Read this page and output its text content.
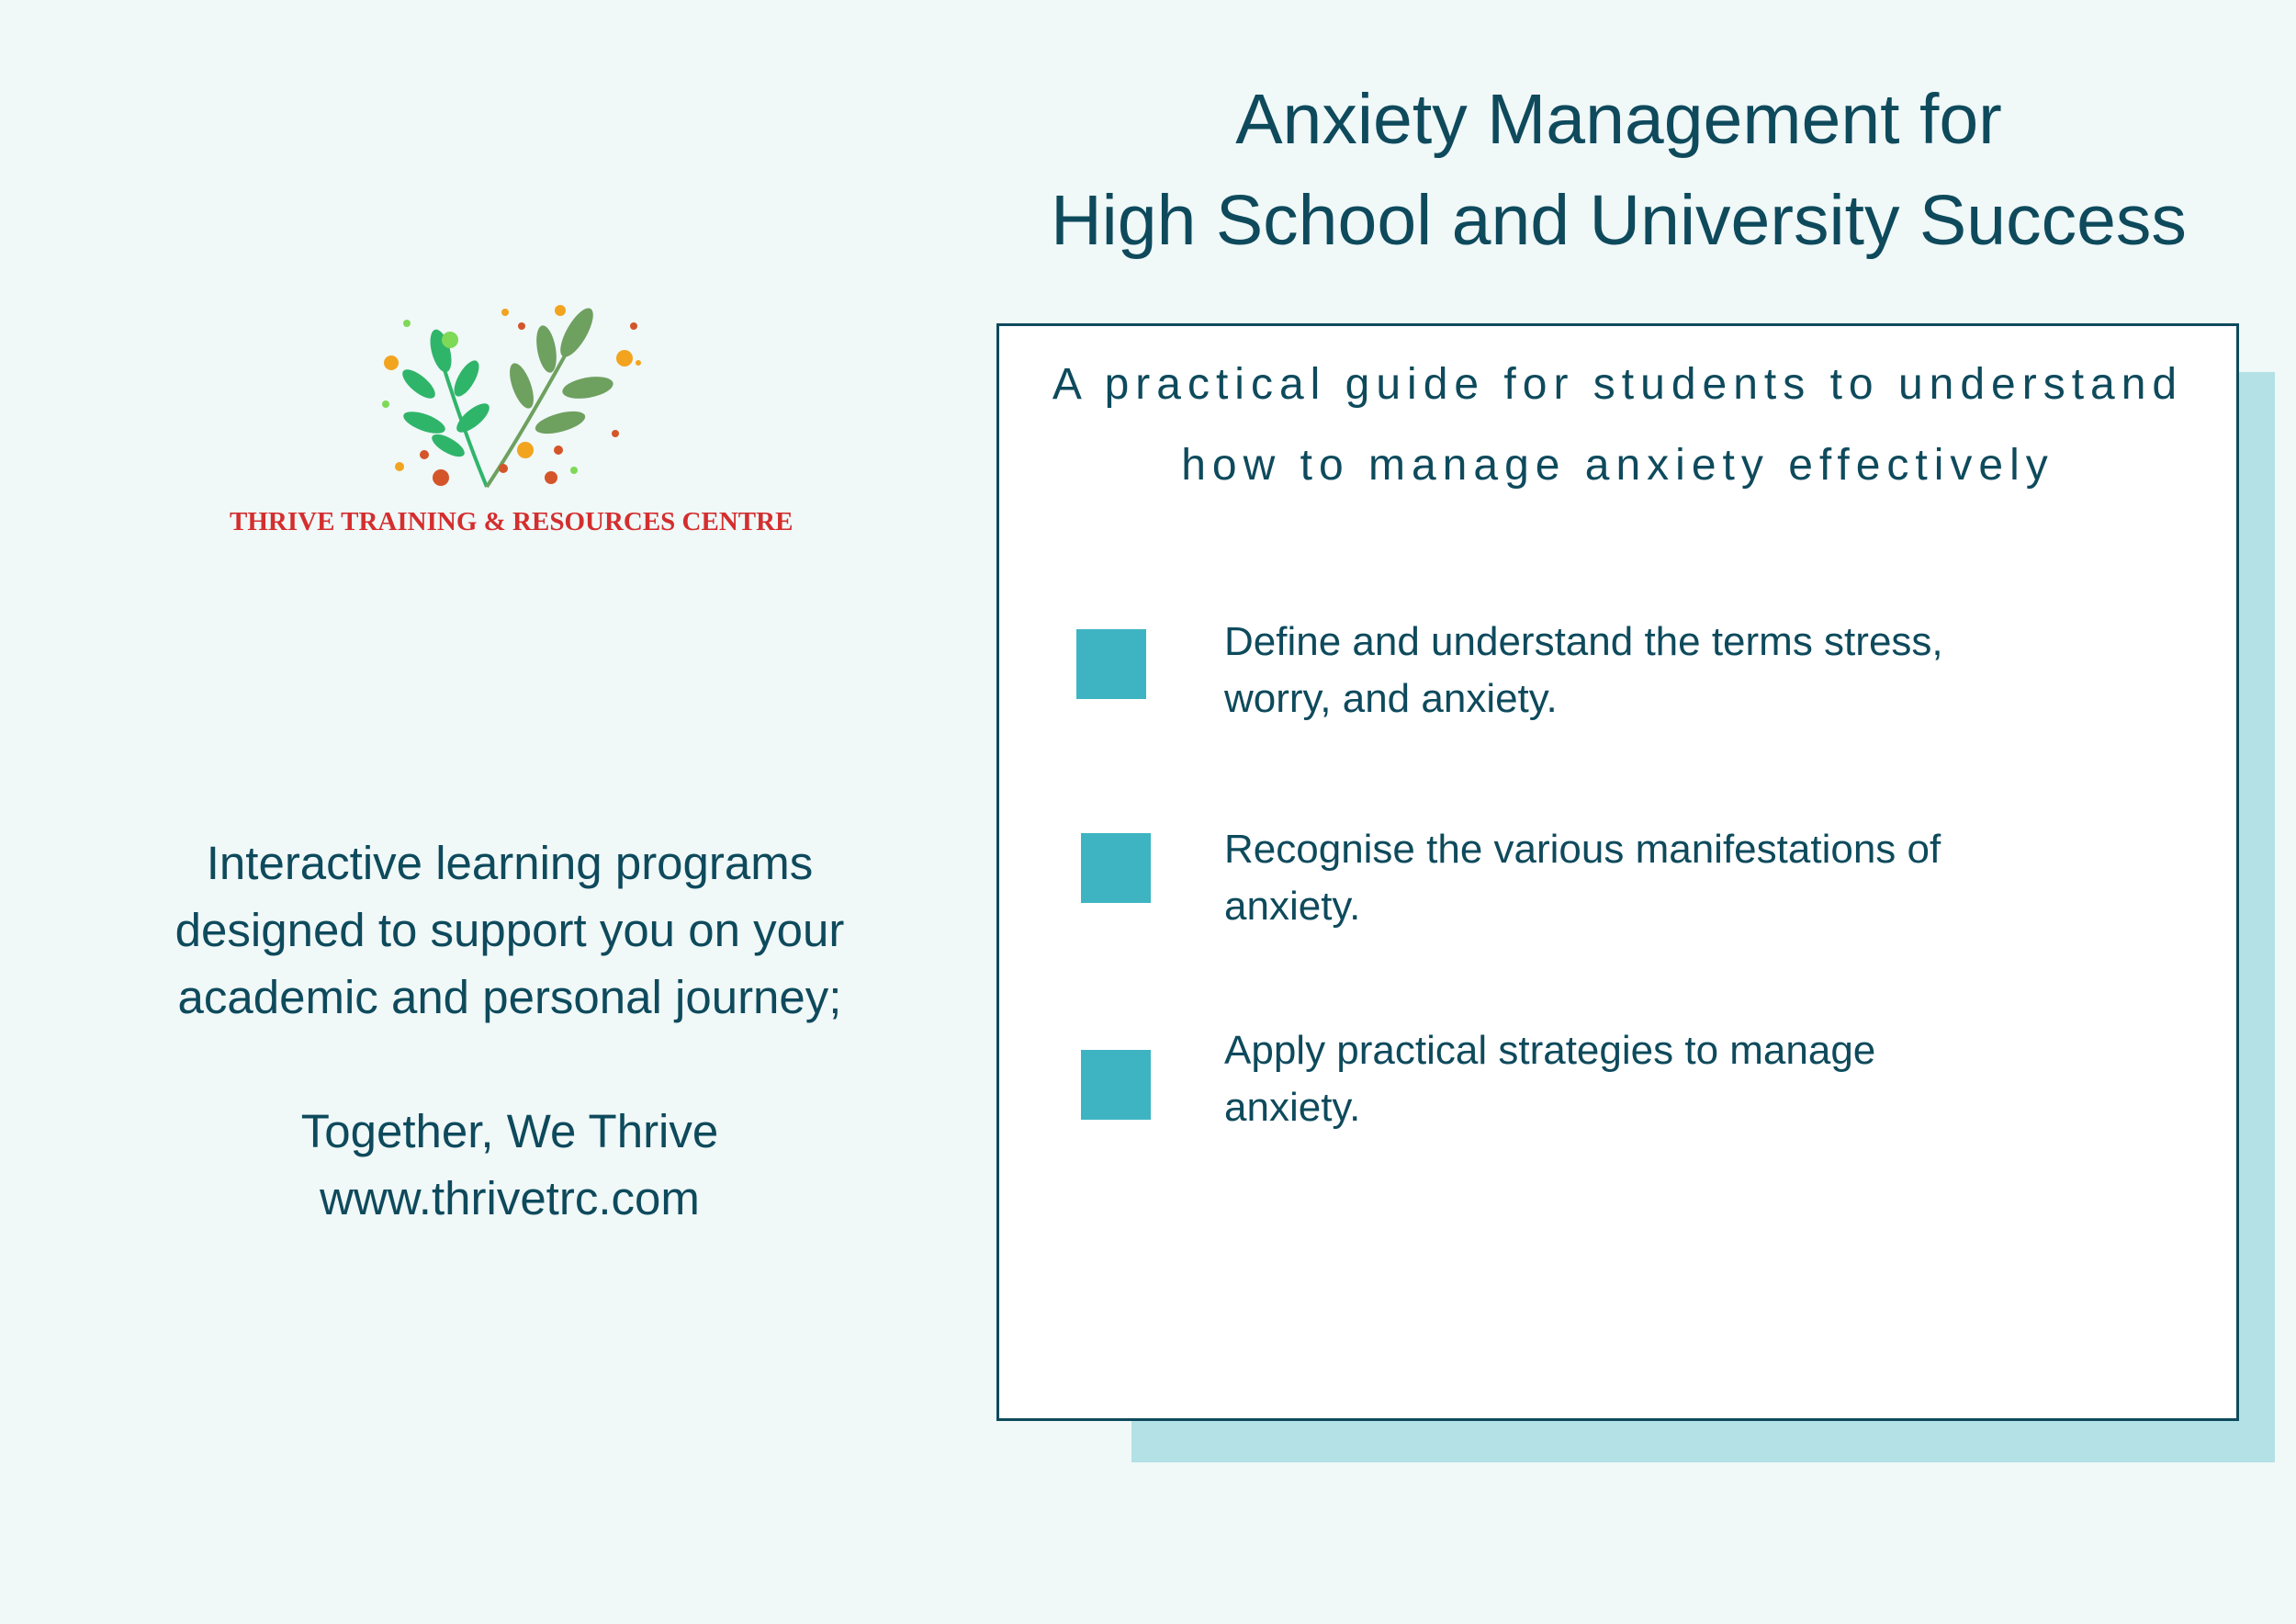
Anxiety Management for
High School and University Success
THRIVE TRAINING & RESOURCES CENTRE
Interactive learning programs
designed to support you on your
academic and personal journey;
Together, We Thrive
www.thrivetrc.com
A practical guide for students to understand
how to manage anxiety effectively
Define and understand the terms stress,
worry, and anxiety.
Recognise the various manifestations of
anxiety.
Apply practical strategies to manage
anxiety.
